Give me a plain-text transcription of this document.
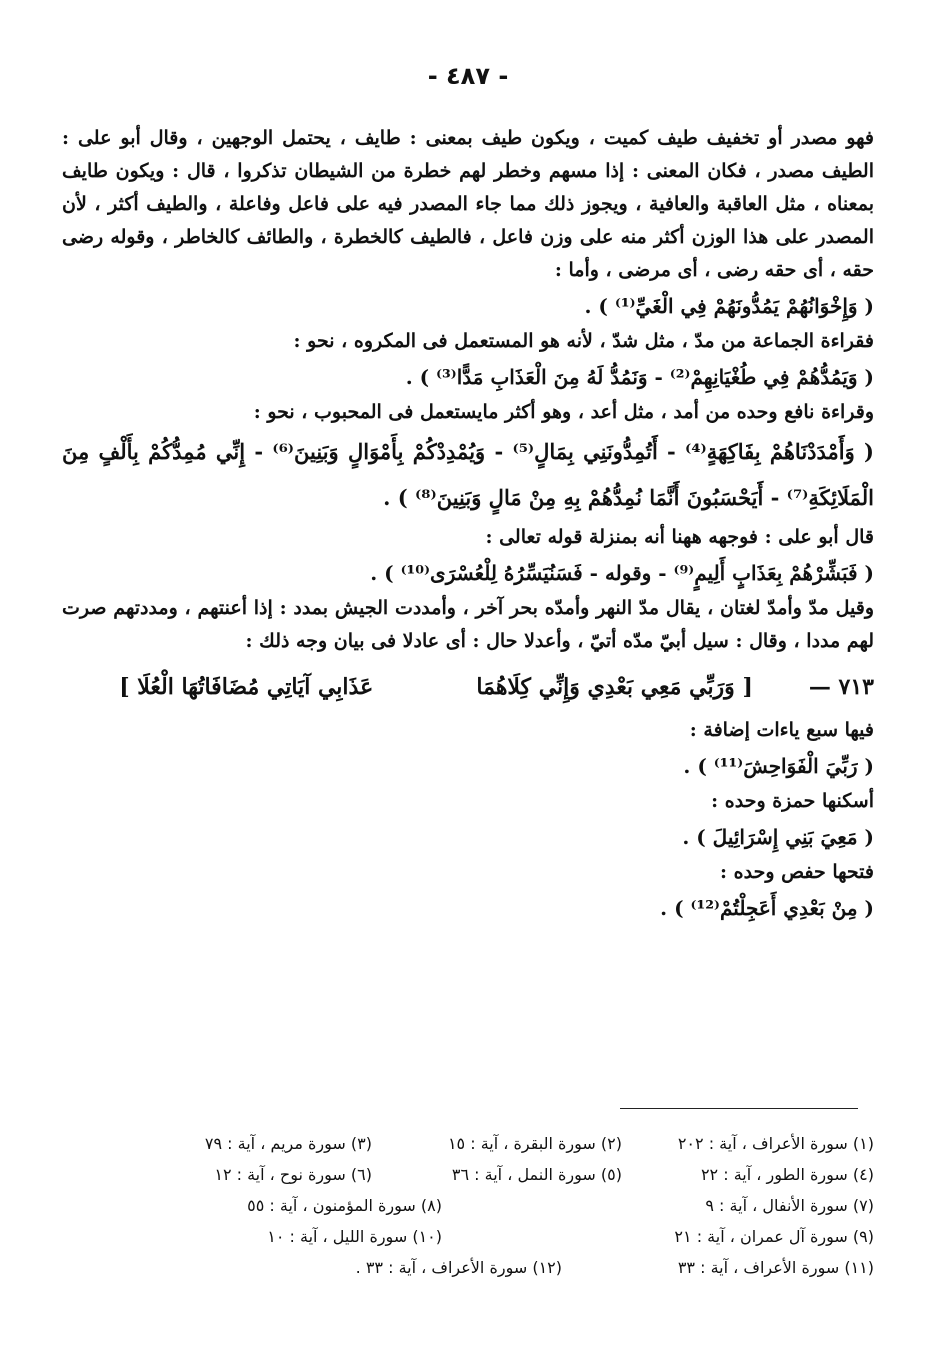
- ٤٨٧ -

فهو مصدر أو تخفيف طيف كميت ، ويكون طيف بمعنى : طايف ، يحتمل الوجهين ، وقال أبو على : الطيف مصدر ، فكان المعنى : إذا مسهم وخطر لهم خطرة من الشيطان تذكروا ، قال : ويكون طايف بمعناه ، مثل العاقبة والعافية ، ويجوز ذلك مما جاء المصدر فيه على فاعل وفاعلة ، والطيف أكثر ، لأن المصدر على هذا الوزن أكثر منه على وزن فاعل ، فالطيف كالخطرة ، والطائف كالخاطر ، وقوله رضى حقه ، أى حقه رضى ، أى مرضى ، وأما :

( وَإِخْوَانُهُمْ يَمُدُّونَهُمْ فِي الْغَيِّ⁽¹⁾ ) .

فقراءة الجماعة من مدّ ، مثل شدّ ، لأنه هو المستعمل فى المكروه ، نحو :

( وَيَمُدُّهُمْ فِي طُغْيَانِهِمْ⁽²⁾ - وَنَمُدُّ لَهُ مِنَ الْعَذَابِ مَدًّا⁽³⁾ ) .

وقراءة نافع وحده من أمد ، مثل أعد ، وهو أكثر مايستعمل فى المحبوب ، نحو :

( وَأَمْدَدْنَاهُمْ بِفَاكِهَةٍ⁽⁴⁾ - أَتُمِدُّونَنِي بِمَالٍ⁽⁵⁾ - وَيُمْدِدْكُمْ بِأَمْوَالٍ وَبَنِينَ⁽⁶⁾ - إِنِّي مُمِدُّكُمْ بِأَلْفٍ مِنَ الْمَلَائِكَةِ⁽⁷⁾ - أَيَحْسَبُونَ أَنَّمَا نُمِدُّهُمْ بِهِ مِنْ مَالٍ وَبَنِينَ⁽⁸⁾ ) .

قال أبو على : فوجهه ههنا أنه بمنزلة قوله تعالى :

( فَبَشِّرْهُمْ بِعَذَابٍ أَلِيمٍ⁽⁹⁾ - وقوله - فَسَنُيَسِّرُهُ لِلْعُسْرَى⁽¹⁰⁾ ) .

وقيل مدّ وأمدّ لغتان ، يقال مدّ النهر وأمدّه بحر آخر ، وأمددت الجيش بمدد : إذا أعنتهم ، ومددتهم صرت لهم مددا ، وقال : سيل أبيّ مدّه أتيّ ، وأعدلا حال : أى عادلا فى بيان وجه ذلك :

٧١٣ —
[ وَرَبِّي مَعِي بَعْدِي وَإِنِّي كِلَاهُمَا
عَذَابِي آيَاتِي مُضَافَاتُهَا الْعُلَا ]

فيها سبع ياءات إضافة :

( رَبِّيَ الْفَوَاحِشَ⁽¹¹⁾ ) .

أسكنها حمزة وحده :

( مَعِيَ بَنِي إِسْرَائِيلَ ) .

فتحها حفص وحده :

( مِنْ بَعْدِي أَعَجِلْتُمْ⁽¹²⁾ ) .

(١) سورة الأعراف ، آية : ٢٠٢
(٢) سورة البقرة ، آية : ١٥
(٣) سورة مريم ، آية : ٧٩
(٤) سورة الطور ، آية : ٢٢
(٥) سورة النمل ، آية : ٣٦
(٦) سورة نوح ، آية : ١٢
(٧) سورة الأنفال ، آية : ٩
(٨) سورة المؤمنون ، آية : ٥٥
(٩) سورة آل عمران ، آية : ٢١
(١٠) سورة الليل ، آية : ١٠
(١١) سورة الأعراف ، آية : ٣٣
(١٢) سورة الأعراف ، آية : ٣٣ .
